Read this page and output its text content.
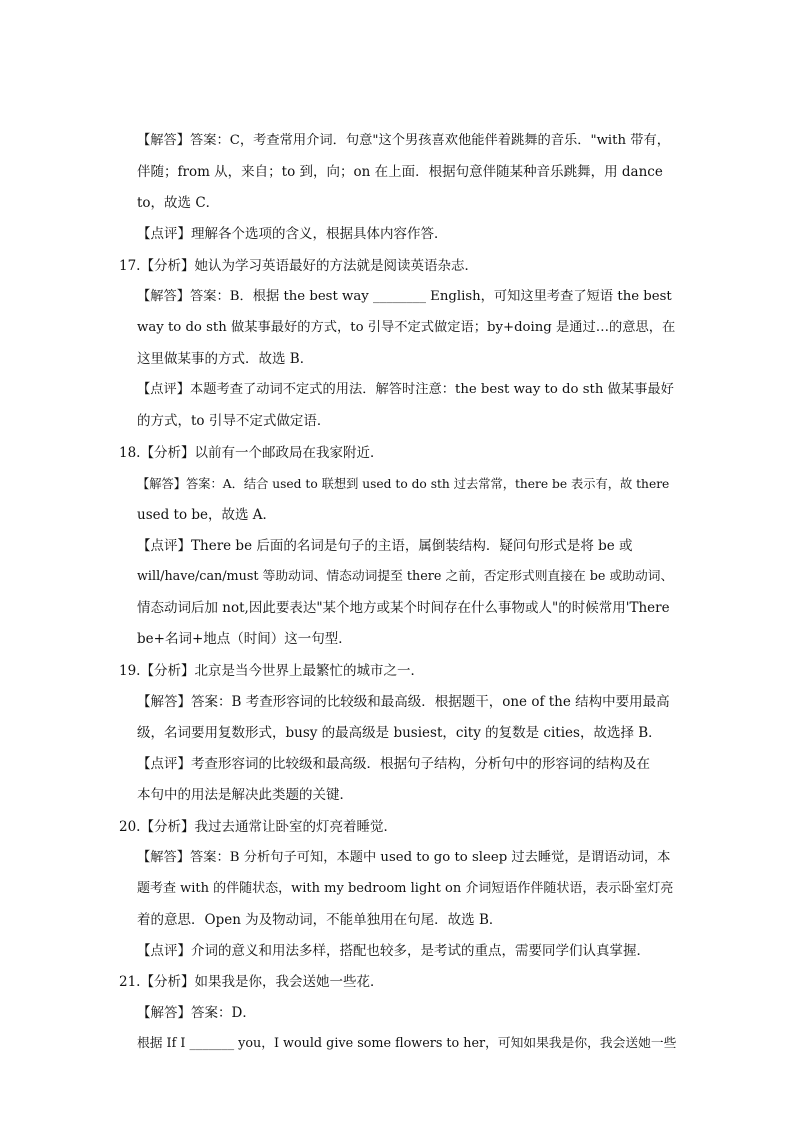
【解答】答案：C，考查常用介词．句意"这个男孩喜欢他能伴着跳舞的音乐．"with 带有，
伴随；from 从，来自；to 到，向；on 在上面．根据句意伴随某种音乐跳舞，用 dance
to，故选 C．
【点评】理解各个选项的含义，根据具体内容作答．
17.【分析】她认为学习英语最好的方法就是阅读英语杂志．
【解答】答案：B．根据 the best way ________ English，可知这里考查了短语 the best
way to do sth 做某事最好的方式，to 引导不定式做定语；by+doing 是通过…的意思，在
这里做某事的方式．故选 B．
【点评】本题考查了动词不定式的用法．解答时注意：the best way to do sth 做某事最好
的方式，to 引导不定式做定语．
18.【分析】以前有一个邮政局在我家附近．
【解答】答案：A．结合 used to 联想到 used to do sth 过去常常，there be 表示有，故 there
used to be，故选 A．
【点评】There be 后面的名词是句子的主语，属倒装结构．疑问句形式是将 be 或
will/have/can/must 等助动词、情态动词提至 there 之前，否定形式则直接在 be 或助动词、
情态动词后加 not,因此要表达"某个地方或某个时间存在什么事物或人"的时候常用'There
be+名词+地点（时间）这一句型．
19.【分析】北京是当今世界上最繁忙的城市之一．
【解答】答案：B 考查形容词的比较级和最高级．根据题干，one of the 结构中要用最高
级，名词要用复数形式，busy 的最高级是 busiest，city 的复数是 cities，故选择 B．
【点评】考查形容词的比较级和最高级．根据句子结构，分析句中的形容词的结构及在
本句中的用法是解决此类题的关键．
20.【分析】我过去通常让卧室的灯亮着睡觉．
【解答】答案：B 分析句子可知，本题中 used to go to sleep 过去睡觉，是谓语动词，本
题考查 with 的伴随状态，with my bedroom light on 介词短语作伴随状语，表示卧室灯亮
着的意思．Open 为及物动词，不能单独用在句尾．故选 B．
【点评】介词的意义和用法多样，搭配也较多，是考试的重点，需要同学们认真掌握．
21.【分析】如果我是你，我会送她一些花．
【解答】答案：D．
根据 If I _______ you，I would give some flowers to her，可知如果我是你，我会送她一些
